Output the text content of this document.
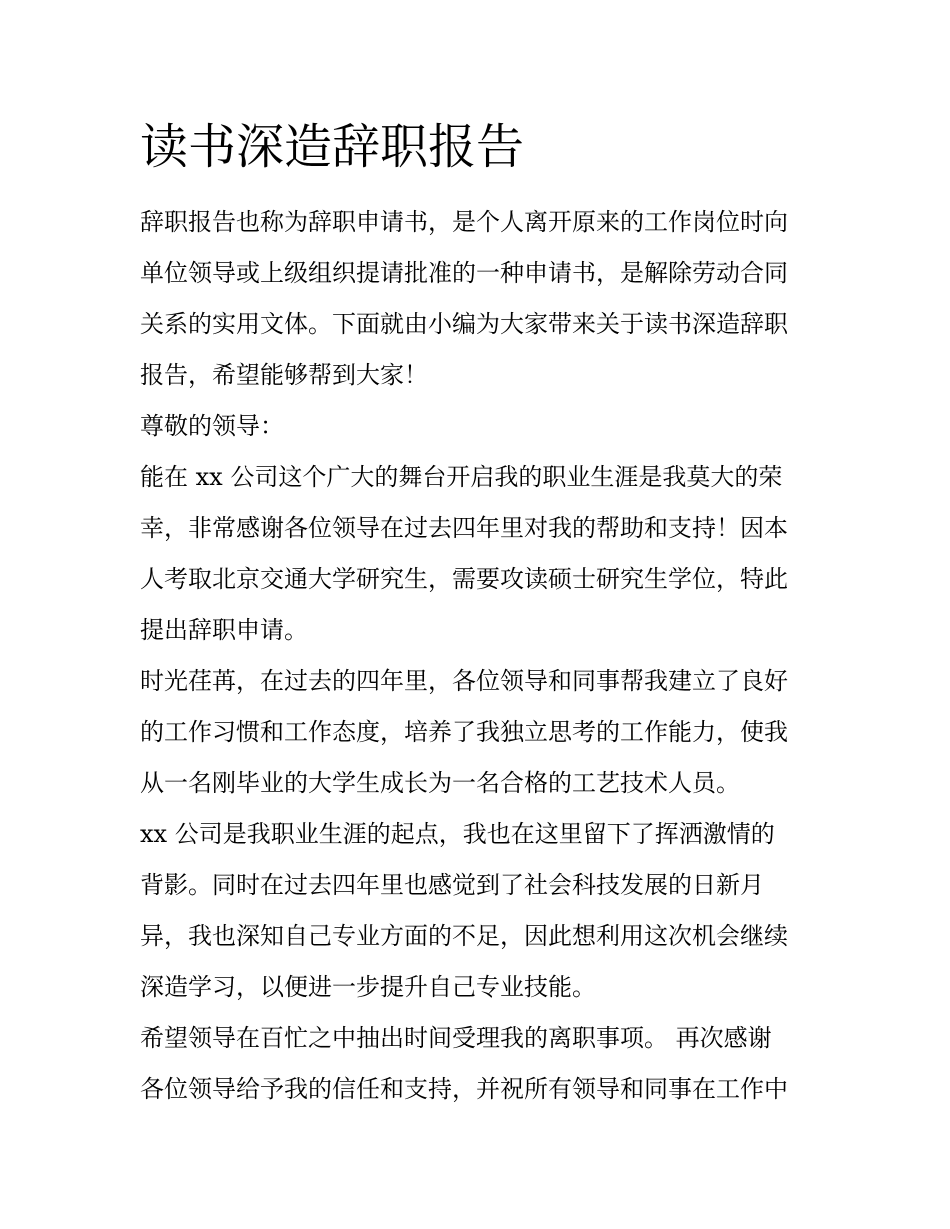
读书深造辞职报告
辞职报告也称为辞职申请书，是个人离开原来的工作岗位时向
单位领导或上级组织提请批准的一种申请书，是解除劳动合同
关系的实用文体。下面就由小编为大家带来关于读书深造辞职
报告，希望能够帮到大家！
尊敬的领导：
能在 xx 公司这个广大的舞台开启我的职业生涯是我莫大的荣
幸，非常感谢各位领导在过去四年里对我的帮助和支持！因本
人考取北京交通大学研究生，需要攻读硕士研究生学位，特此
提出辞职申请。
时光荏苒，在过去的四年里，各位领导和同事帮我建立了良好
的工作习惯和工作态度，培养了我独立思考的工作能力，使我
从一名刚毕业的大学生成长为一名合格的工艺技术人员。
xx 公司是我职业生涯的起点，我也在这里留下了挥洒激情的
背影。同时在过去四年里也感觉到了社会科技发展的日新月
异，我也深知自己专业方面的不足，因此想利用这次机会继续
深造学习，以便进一步提升自己专业技能。
希望领导在百忙之中抽出时间受理我的离职事项。 再次感谢
各位领导给予我的信任和支持，并祝所有领导和同事在工作中
